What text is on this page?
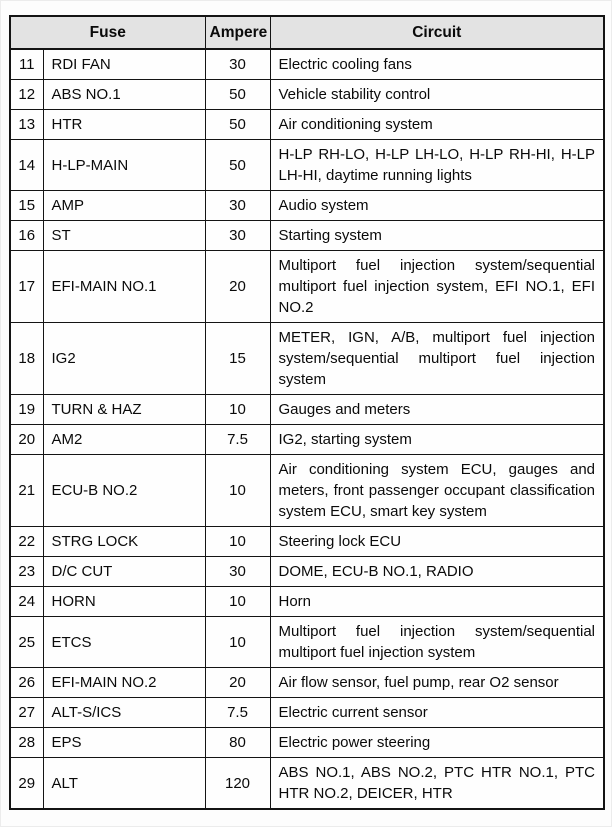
Fuse		Ampere	Circuit
11	RDI FAN	30	Electric cooling fans
12	ABS NO.1	50	Vehicle stability control
13	HTR	50	Air conditioning system
14	H-LP-MAIN	50	H-LP RH-LO, H-LP LH-LO, H-LP RH-HI, H-LP LH-HI, daytime running lights
15	AMP	30	Audio system
16	ST	30	Starting system
17	EFI-MAIN NO.1	20	Multiport fuel injection system/sequential multiport fuel injection system, EFI NO.1, EFI NO.2
18	IG2	15	METER, IGN, A/B, multiport fuel injection system/sequential multiport fuel injection system
19	TURN & HAZ	10	Gauges and meters
20	AM2	7.5	IG2, starting system
21	ECU-B NO.2	10	Air conditioning system ECU, gauges and meters, front passenger occupant classification system ECU, smart key system
22	STRG LOCK	10	Steering lock ECU
23	D/C CUT	30	DOME, ECU-B NO.1, RADIO
24	HORN	10	Horn
25	ETCS	10	Multiport fuel injection system/sequential multiport fuel injection system
26	EFI-MAIN NO.2	20	Air flow sensor, fuel pump, rear O2 sensor
27	ALT-S/ICS	7.5	Electric current sensor
28	EPS	80	Electric power steering
29	ALT	120	ABS NO.1, ABS NO.2, PTC HTR NO.1, PTC HTR NO.2, DEICER, HTR
